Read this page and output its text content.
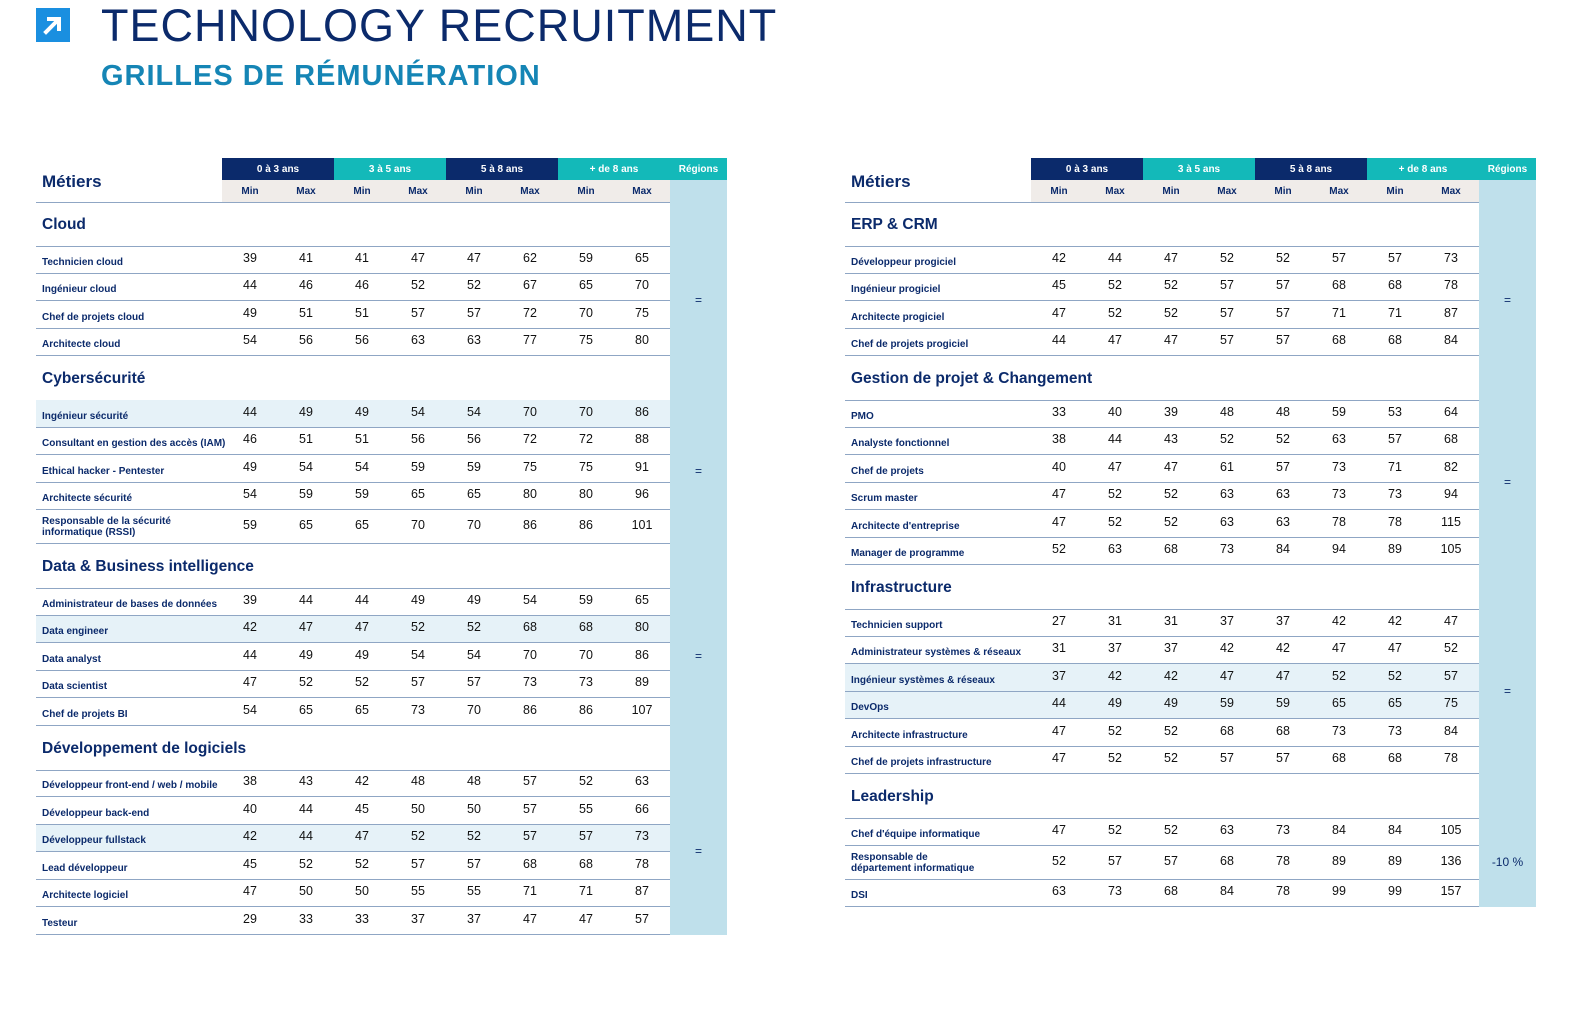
TECHNOLOGY RECRUITMENT
GRILLES DE RÉMUNÉRATION
Métiers
0 à 3 ans
Min	Max
3 à 5 ans
Min	Max
5 à 8 ans
Min	Max
+ de 8 ans
Min	Max
Régions
Cloud
Technicien cloud	39	41	41	47	47	62	59	65
Ingénieur cloud	44	46	46	52	52	67	65	70
Chef de projets cloud	49	51	51	57	57	72	70	75
Architecte cloud	54	56	56	63	63	77	75	80
=
Cybersécurité
Ingénieur sécurité	44	49	49	54	54	70	70	86
Consultant en gestion des accès (IAM)	46	51	51	56	56	72	72	88
Ethical hacker - Pentester	49	54	54	59	59	75	75	91
Architecte sécurité	54	59	59	65	65	80	80	96
Responsable de la sécurité
informatique (RSSI)
59	65	65	70	70	86	86	101
=
Data & Business intelligence
Administrateur de bases de données	39	44	44	49	49	54	59	65
Data engineer	42	47	47	52	52	68	68	80
Data analyst	44	49	49	54	54	70	70	86
Data scientist	47	52	52	57	57	73	73	89
Chef de projets BI	54	65	65	73	70	86	86	107
=
Développement de logiciels
Développeur front-end / web / mobile	38	43	42	48	48	57	52	63
Développeur back-end	40	44	45	50	50	57	55	66
Développeur fullstack	42	44	47	52	52	57	57	73
Lead développeur	45	52	52	57	57	68	68	78
Architecte logiciel	47	50	50	55	55	71	71	87
Testeur	29	33	33	37	37	47	47	57
=
Métiers
0 à 3 ans
Min	Max
3 à 5 ans
Min	Max
5 à 8 ans
Min	Max
+ de 8 ans
Min	Max
Régions
ERP & CRM
Développeur progiciel	42	44	47	52	52	57	57	73
Ingénieur progiciel	45	52	52	57	57	68	68	78
Architecte progiciel	47	52	52	57	57	71	71	87
Chef de projets progiciel	44	47	47	57	57	68	68	84
=
Gestion de projet & Changement
PMO	33	40	39	48	48	59	53	64
Analyste fonctionnel	38	44	43	52	52	63	57	68
Chef de projets	40	47	47	61	57	73	71	82
Scrum master	47	52	52	63	63	73	73	94
Architecte d'entreprise	47	52	52	63	63	78	78	115
Manager de programme	52	63	68	73	84	94	89	105
=
Infrastructure
Technicien support	27	31	31	37	37	42	42	47
Administrateur systèmes & réseaux	31	37	37	42	42	47	47	52
Ingénieur systèmes & réseaux	37	42	42	47	47	52	52	57
DevOps	44	49	49	59	59	65	65	75
Architecte infrastructure	47	52	52	68	68	73	73	84
Chef de projets infrastructure	47	52	52	57	57	68	68	78
=
Leadership
Chef d'équipe informatique	47	52	52	63	73	84	84	105
Responsable de
département informatique
52	57	57	68	78	89	89	136
DSI	63	73	68	84	78	99	99	157
-10 %
